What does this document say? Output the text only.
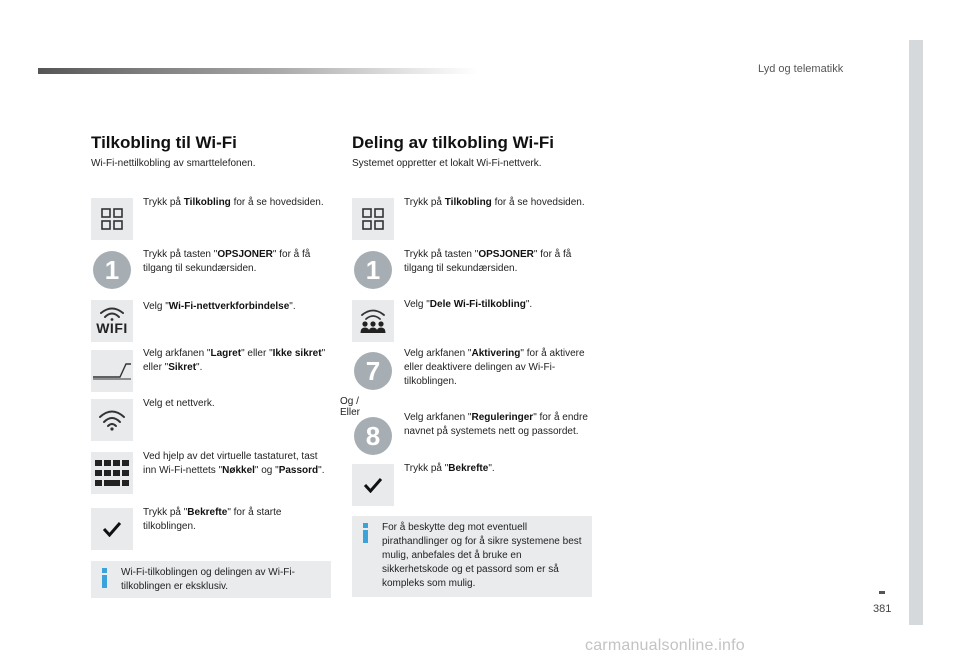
Lyd og telematikk
381
carmanualsonline.info
Tilkobling til Wi-Fi
Wi-Fi-nettilkobling av smarttelefonen.
Trykk på Tilkobling for å se hovedsiden.
1	Trykk på tasten "OPSJONER" for å få tilgang til sekundærsiden.
WIFI
Velg "Wi-Fi-nettverkforbindelse".
Velg arkfanen "Lagret" eller "Ikke sikret" eller "Sikret".
Velg et nettverk.
Ved hjelp av det virtuelle tastaturet, tast inn Wi-Fi-nettets "Nøkkel" og "Passord".
Trykk på "Bekrefte" for å starte tilkoblingen.
Wi-Fi-tilkoblingen og delingen av Wi-Fi-tilkoblingen er eksklusiv.
Deling av tilkobling Wi-Fi
Systemet oppretter et lokalt Wi-Fi-nettverk.
Trykk på Tilkobling for å se hovedsiden.
1	Trykk på tasten "OPSJONER" for å få tilgang til sekundærsiden.
Velg "Dele Wi-Fi-tilkobling".
7
Velg arkfanen "Aktivering" for å aktivere eller deaktivere delingen av Wi-Fi-tilkoblingen.
Og / Eller
8
Velg arkfanen "Reguleringer" for å endre navnet på systemets nett og passordet.
Trykk på "Bekrefte".
For å beskytte deg mot eventuell pirathandlinger og for å sikre systemene best mulig, anbefales det å bruke en sikkerhetskode og et passord som er så kompleks som mulig.
